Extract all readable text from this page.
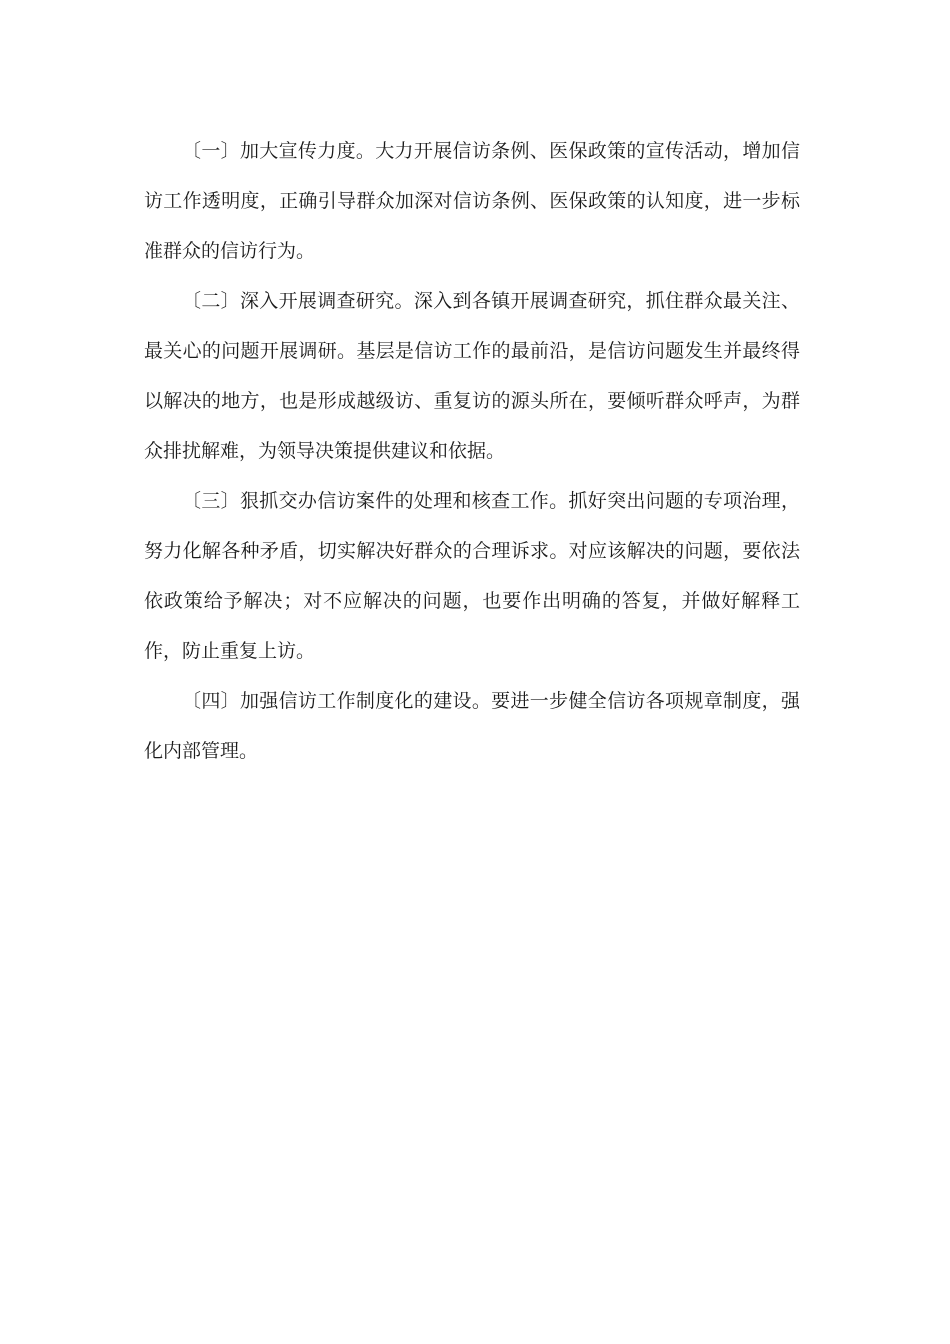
〔一〕加大宣传力度。大力开展信访条例、医保政策的宣传活动，增加信访工作透明度，正确引导群众加深对信访条例、医保政策的认知度，进一步标准群众的信访行为。

〔二〕深入开展调查研究。深入到各镇开展调查研究，抓住群众最关注、最关心的问题开展调研。基层是信访工作的最前沿，是信访问题发生并最终得以解决的地方，也是形成越级访、重复访的源头所在，要倾听群众呼声，为群众排扰解难，为领导决策提供建议和依据。

〔三〕狠抓交办信访案件的处理和核查工作。抓好突出问题的专项治理，努力化解各种矛盾，切实解决好群众的合理诉求。对应该解决的问题，要依法依政策给予解决；对不应解决的问题，也要作出明确的答复，并做好解释工作，防止重复上访。

〔四〕加强信访工作制度化的建设。要进一步健全信访各项规章制度，强化内部管理。
